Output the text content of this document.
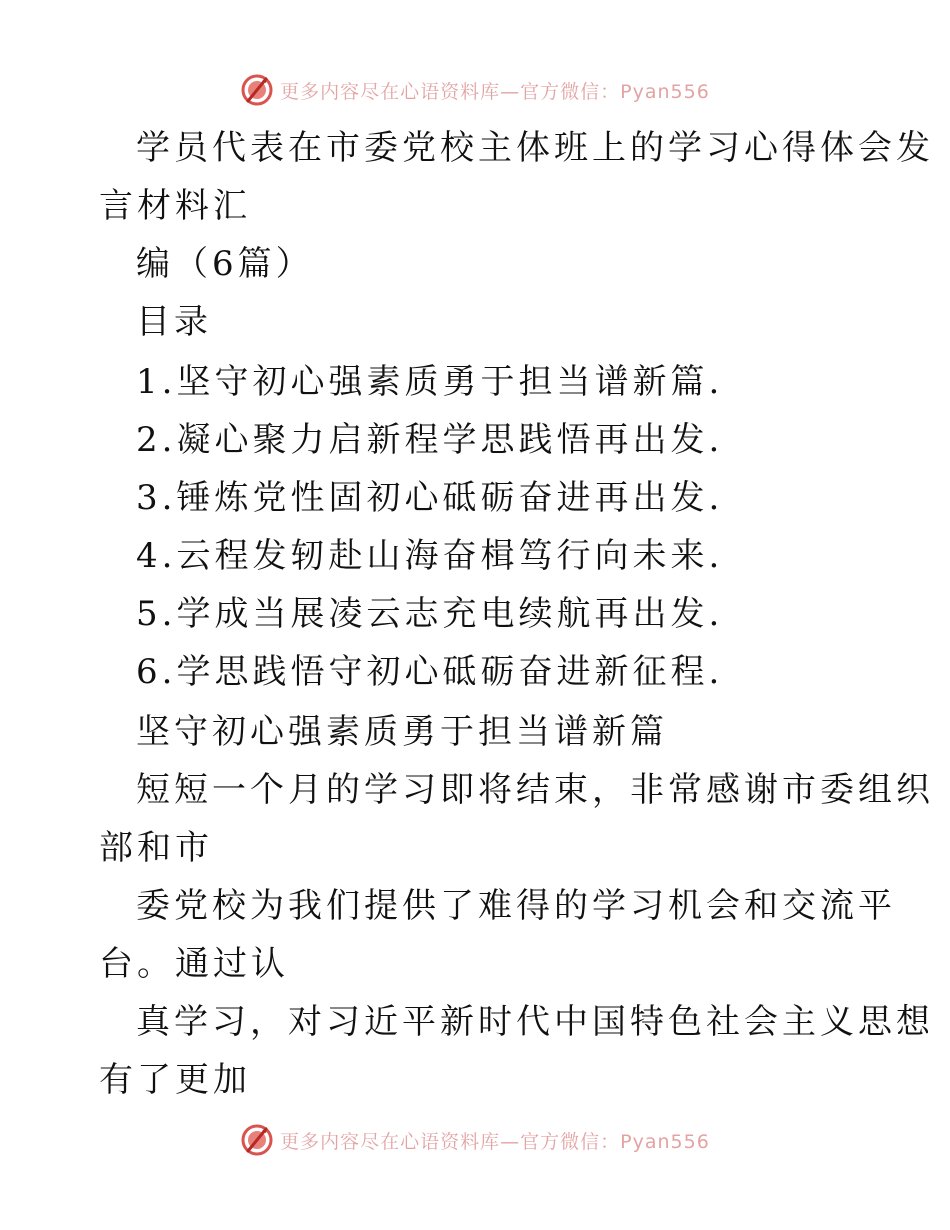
更多内容尽在心语资料库—官方微信：Pyan556
学员代表在市委党校主体班上的学习心得体会发
言材料汇
编（6篇）
目录
1.坚守初心强素质勇于担当谱新篇.
2.凝心聚力启新程学思践悟再出发.
3.锤炼党性固初心砥砺奋进再出发.
4.云程发轫赴山海奋楫笃行向未来.
5.学成当展凌云志充电续航再出发.
6.学思践悟守初心砥砺奋进新征程.
坚守初心强素质勇于担当谱新篇
短短一个月的学习即将结束，非常感谢市委组织
部和市
委党校为我们提供了难得的学习机会和交流平
台。通过认
真学习，对习近平新时代中国特色社会主义思想
有了更加
更多内容尽在心语资料库—官方微信：Pyan556
